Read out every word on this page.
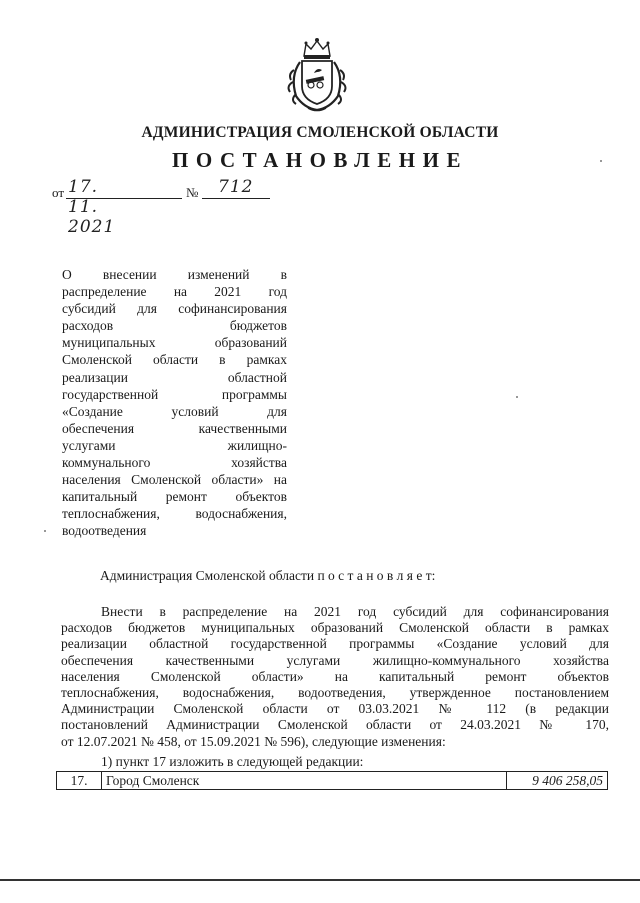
АДМИНИСТРАЦИЯ СМОЛЕНСКОЙ ОБЛАСТИ
ПОСТАНОВЛЕНИЕ
от 17. 11. 2021
№ 712
О внесении изменений в
распределение на 2021 год
субсидий для софинансирования
расходов бюджетов
муниципальных образований
Смоленской области в рамках
реализации областной
государственной программы
«Создание условий для
обеспечения качественными
услугами жилищно-
коммунального хозяйства
населения Смоленской области» на
капитальный ремонт объектов
теплоснабжения, водоснабжения,
водоотведения
Администрация Смоленской области п о с т а н о в л я е т:
Внести в распределение на 2021 год субсидий для софинансирования
расходов бюджетов муниципальных образований Смоленской области в рамках
реализации областной государственной программы «Создание условий для
обеспечения качественными услугами жилищно-коммунального хозяйства
населения Смоленской области» на капитальный ремонт объектов
теплоснабжения, водоснабжения, водоотведения, утвержденное постановлением
Администрации Смоленской области от 03.03.2021 № 112 (в редакции
постановлений Администрации Смоленской области от 24.03.2021 № 170,
от 12.07.2021 № 458, от 15.09.2021 № 596), следующие изменения:
1) пункт 17 изложить в следующей редакции:
17.	Город Смоленск	9 406 258,05
